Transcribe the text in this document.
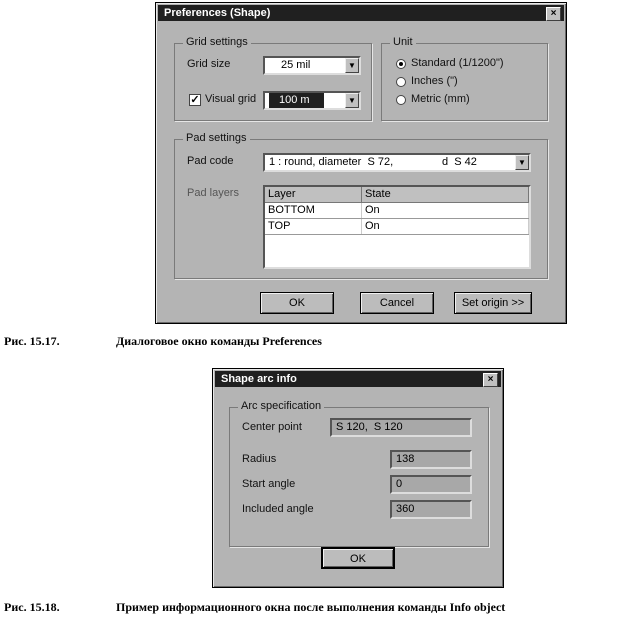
Preferences (Shape)	×
Grid settings
Grid size	25 mil	▼
✓ Visual grid	100 m	▼
Unit
Standard (1/1200")
Inches (")
Metric (mm)
Pad settings
Pad code	1 : round, diameter  S 72,                d  S 42	▼
Pad layers	Layer	State
BOTTOM	On
TOP	On
OK	Cancel	Set origin >>
Рис. 15.17.	Диалоговое окно команды Preferences
Shape arc info	×
Arc specification
Center point	S 120,  S 120
Radius	138
Start angle	0
Included angle	360
OK
Рис. 15.18.	Пример информационного окна после выполнения команды Info object
